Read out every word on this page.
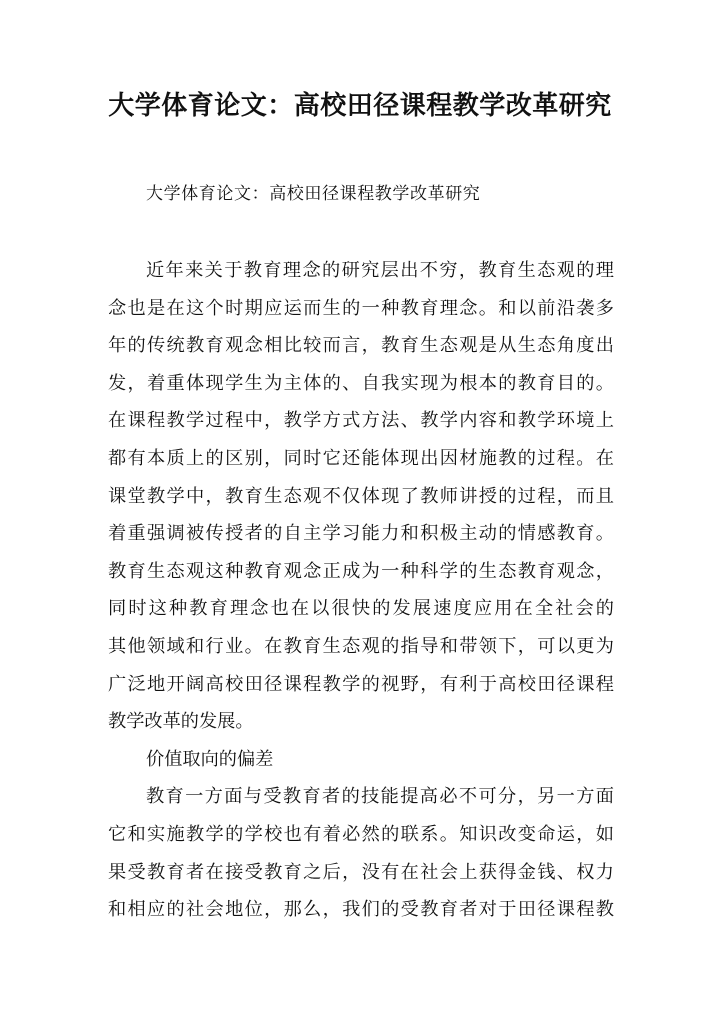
大学体育论文：高校田径课程教学改革研究
大学体育论文：高校田径课程教学改革研究
近年来关于教育理念的研究层出不穷，教育生态观的理
念也是在这个时期应运而生的一种教育理念。和以前沿袭多
年的传统教育观念相比较而言，教育生态观是从生态角度出
发，着重体现学生为主体的、自我实现为根本的教育目的。
在课程教学过程中，教学方式方法、教学内容和教学环境上
都有本质上的区别，同时它还能体现出因材施教的过程。在
课堂教学中，教育生态观不仅体现了教师讲授的过程，而且
着重强调被传授者的自主学习能力和积极主动的情感教育。
教育生态观这种教育观念正成为一种科学的生态教育观念，
同时这种教育理念也在以很快的发展速度应用在全社会的
其他领域和行业。在教育生态观的指导和带领下，可以更为
广泛地开阔高校田径课程教学的视野，有利于高校田径课程
教学改革的发展。
价值取向的偏差
教育一方面与受教育者的技能提高必不可分，另一方面
它和实施教学的学校也有着必然的联系。知识改变命运，如
果受教育者在接受教育之后，没有在社会上获得金钱、权力
和相应的社会地位，那么，我们的受教育者对于田径课程教
